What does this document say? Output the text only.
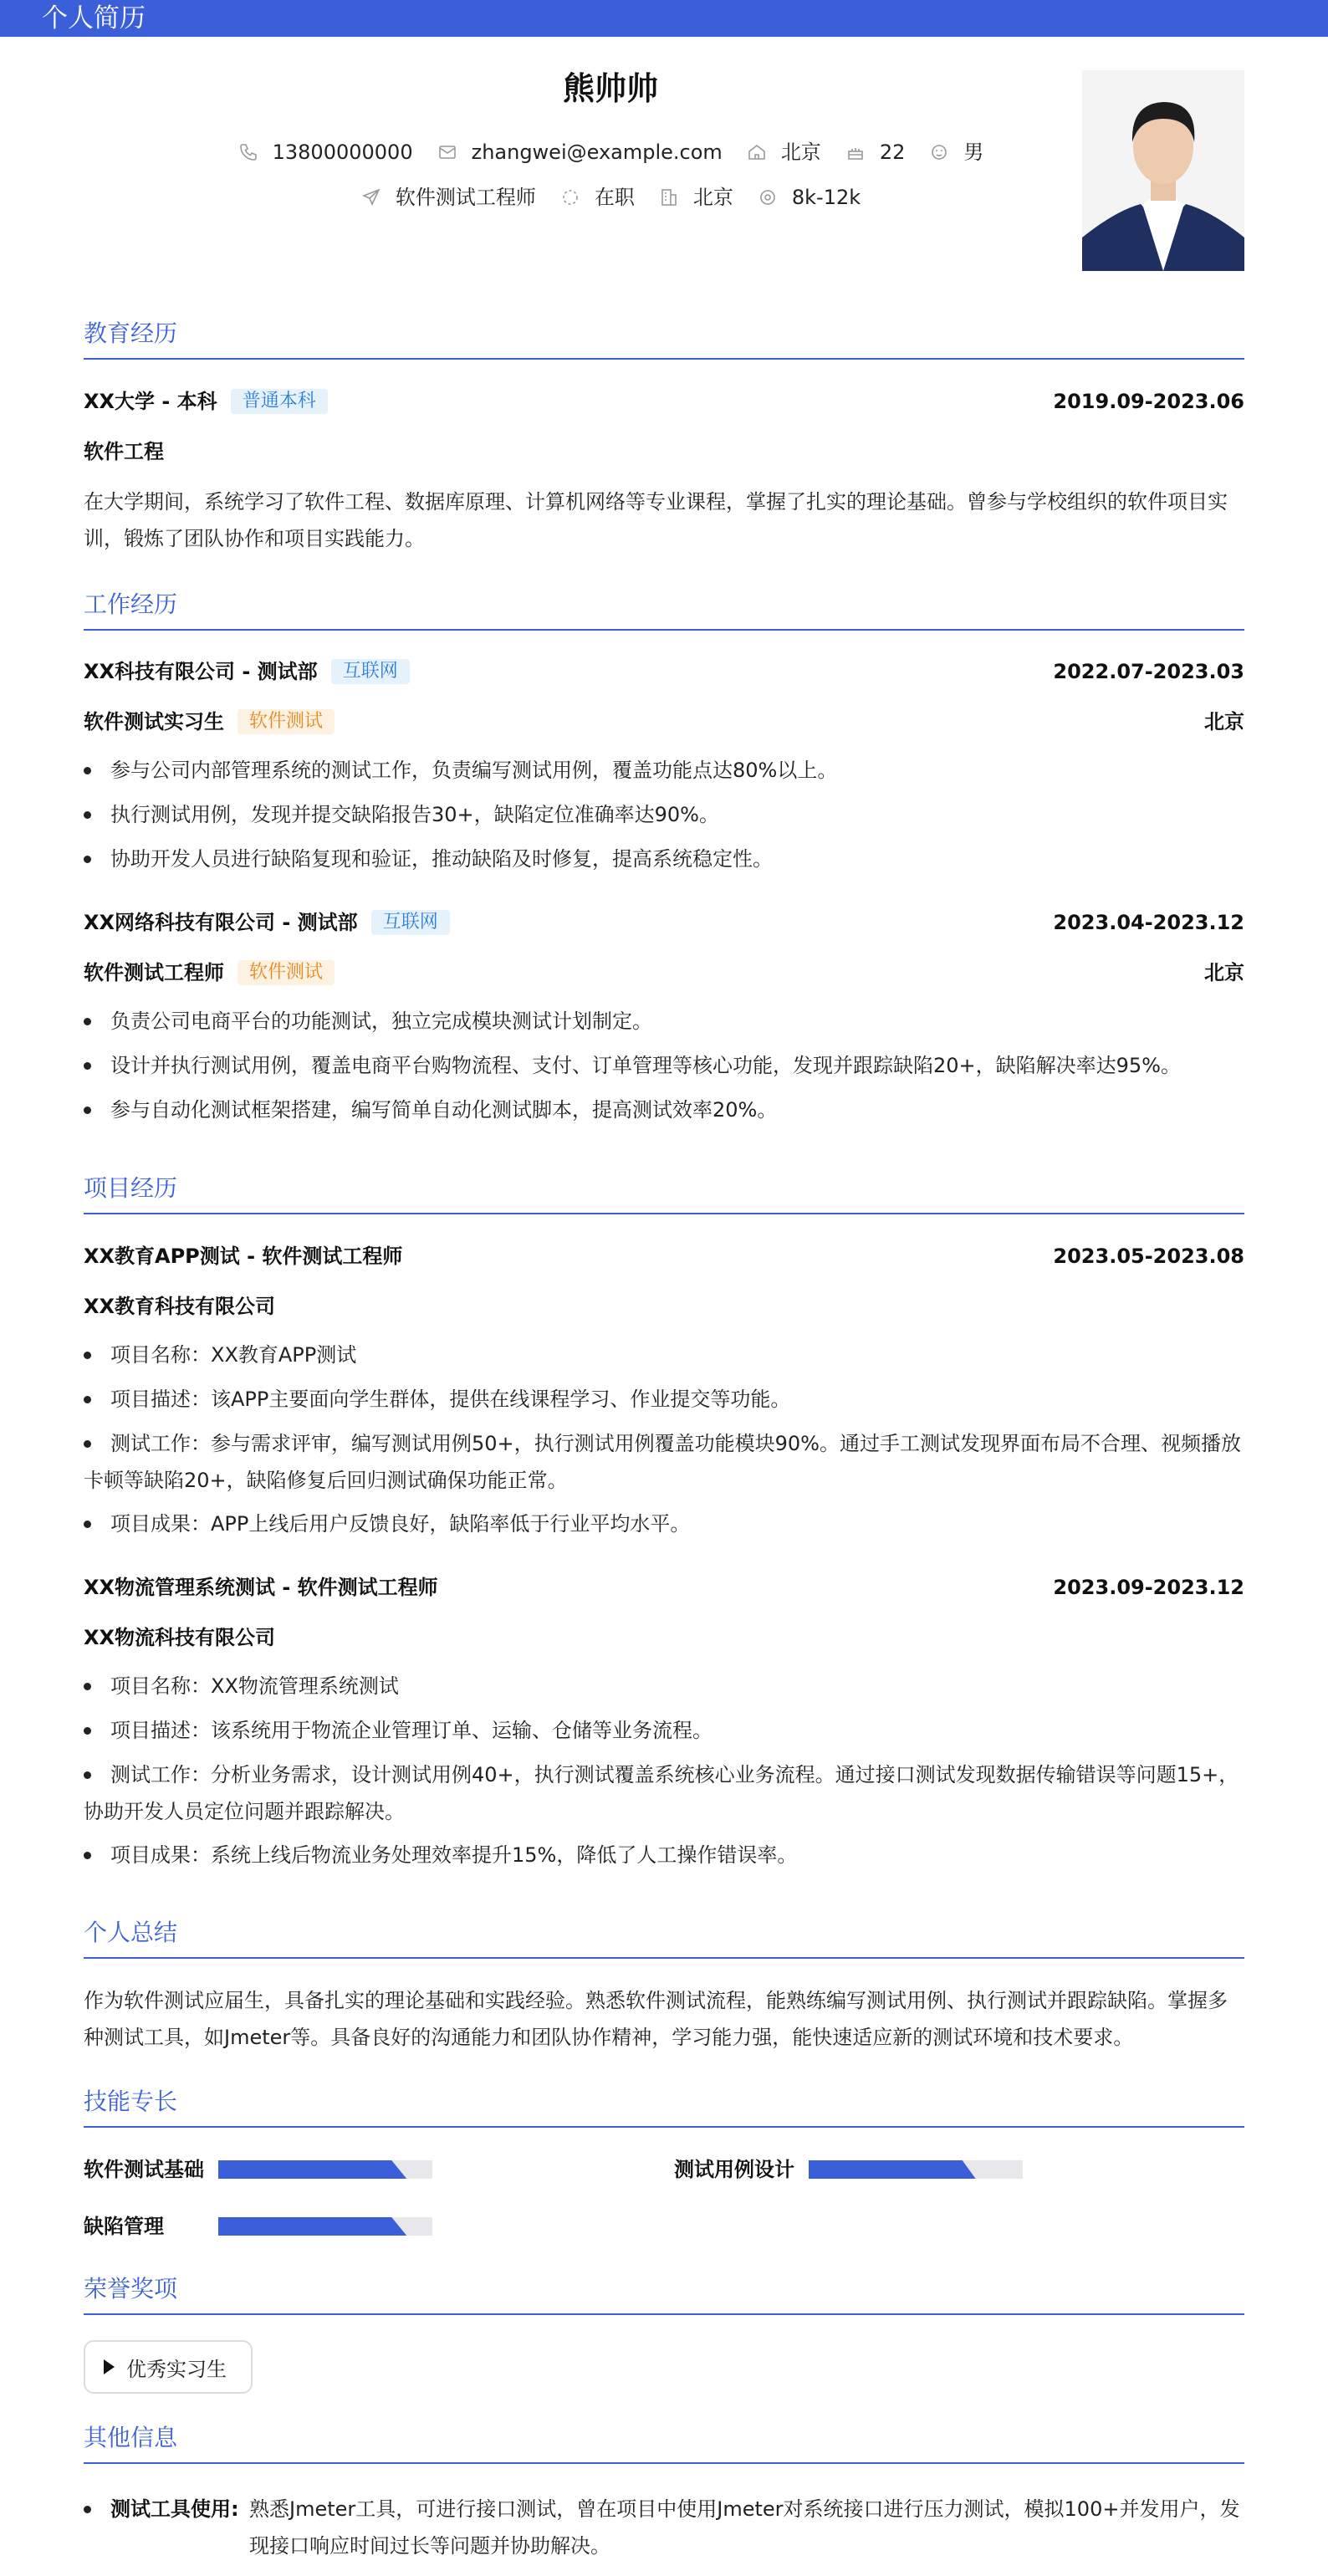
个人简历
熊帅帅
13800000000	zhangwei@example.com	北京	22	男
软件测试工程师	在职	北京	8k-12k
教育经历
XX大学 - 本科 普通本科	2019.09-2023.06
软件工程
在大学期间，系统学习了软件工程、数据库原理、计算机网络等专业课程，掌握了扎实的理论基础。曾参与学校组织的软件项目实训，锻炼了团队协作和项目实践能力。
工作经历
XX科技有限公司 - 测试部 互联网	2022.07-2023.03
软件测试实习生 软件测试	北京
参与公司内部管理系统的测试工作，负责编写测试用例，覆盖功能点达80%以上。
执行测试用例，发现并提交缺陷报告30+，缺陷定位准确率达90%。
协助开发人员进行缺陷复现和验证，推动缺陷及时修复，提高系统稳定性。
XX网络科技有限公司 - 测试部 互联网	2023.04-2023.12
软件测试工程师 软件测试	北京
负责公司电商平台的功能测试，独立完成模块测试计划制定。
设计并执行测试用例，覆盖电商平台购物流程、支付、订单管理等核心功能，发现并跟踪缺陷20+，缺陷解决率达95%。
参与自动化测试框架搭建，编写简单自动化测试脚本，提高测试效率20%。
项目经历
XX教育APP测试 - 软件测试工程师	2023.05-2023.08
XX教育科技有限公司
项目名称：XX教育APP测试
项目描述：该APP主要面向学生群体，提供在线课程学习、作业提交等功能。
测试工作：参与需求评审，编写测试用例50+，执行测试用例覆盖功能模块90%。通过手工测试发现界面布局不合理、视频播放卡顿等缺陷20+，缺陷修复后回归测试确保功能正常。
项目成果：APP上线后用户反馈良好，缺陷率低于行业平均水平。
XX物流管理系统测试 - 软件测试工程师	2023.09-2023.12
XX物流科技有限公司
项目名称：XX物流管理系统测试
项目描述：该系统用于物流企业管理订单、运输、仓储等业务流程。
测试工作：分析业务需求，设计测试用例40+，执行测试覆盖系统核心业务流程。通过接口测试发现数据传输错误等问题15+，协助开发人员定位问题并跟踪解决。
项目成果：系统上线后物流业务处理效率提升15%，降低了人工操作错误率。
个人总结
作为软件测试应届生，具备扎实的理论基础和实践经验。熟悉软件测试流程，能熟练编写测试用例、执行测试并跟踪缺陷。掌握多种测试工具，如Jmeter等。具备良好的沟通能力和团队协作精神，学习能力强，能快速适应新的测试环境和技术要求。
技能专长
软件测试基础	测试用例设计
缺陷管理
荣誉奖项
优秀实习生
其他信息
测试工具使用: 熟悉Jmeter工具，可进行接口测试，曾在项目中使用Jmeter对系统接口进行压力测试，模拟100+并发用户，发现接口响应时间过长等问题并协助解决。
